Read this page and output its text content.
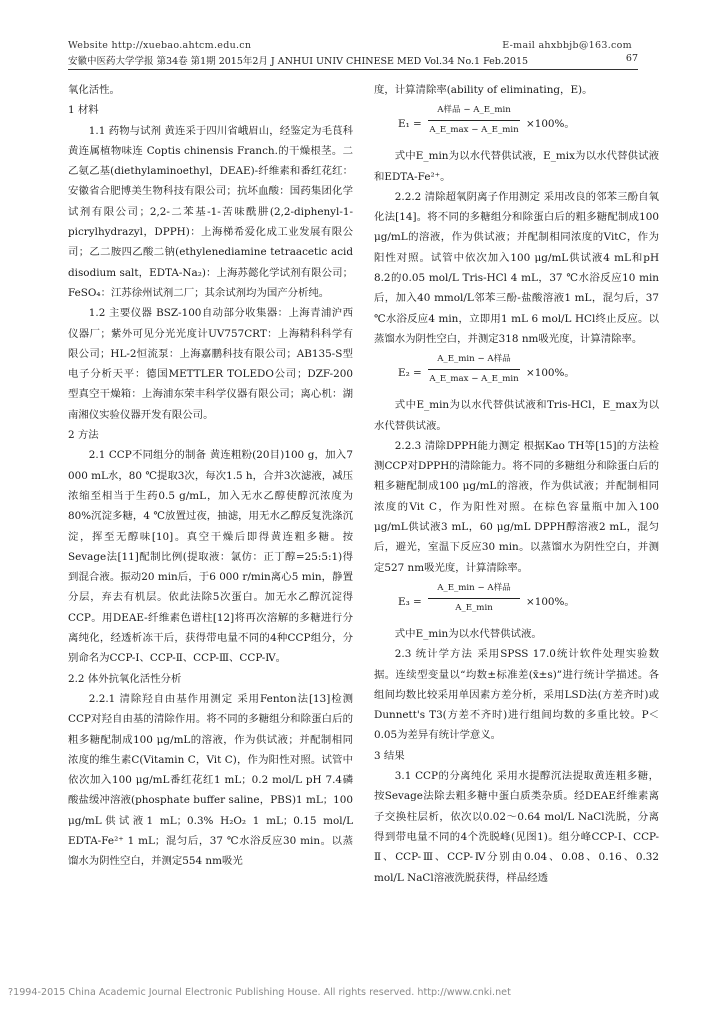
Website http://xuebao.ahtcm.edu.cn	E-mail ahxbbjb@163.com
安徽中医药大学学报 第34卷 第1期 2015年2月 J ANHUI UNIV CHINESE MED Vol.34 No.1 Feb.2015	67

氧化活性。

1 材料

1.1 药物与试剂 黄连采于四川省峨眉山，经鉴定为毛茛科黄连属植物味连 Coptis chinensis Franch.的干燥根茎。二乙氨乙基(diethylaminoethyl，DEAE)-纤维素和番红花红：安徽省合肥博美生物科技有限公司；抗坏血酸：国药集团化学试剂有限公司；2,2-二苯基-1-苦味酰肼(2,2-diphenyl-1-picrylhydrazyl，DPPH)：上海梯希爱化成工业发展有限公司；乙二胺四乙酸二钠(ethylenediamine tetraacetic acid disodium salt，EDTA-Na₂)：上海苏懿化学试剂有限公司；FeSO₄：江苏徐州试剂二厂；其余试剂均为国产分析纯。

1.2 主要仪器 BSZ-100自动部分收集器：上海青浦沪西仪器厂；紫外可见分光光度计UV757CRT：上海精科科学有限公司；HL-2恒流泵：上海嘉鹏科技有限公司；AB135-S型电子分析天平：德国METTLER TOLEDO公司；DZF-200型真空干燥箱：上海浦东荣丰科学仪器有限公司；离心机：湖南湘仪实验仪器开发有限公司。

2 方法

2.1 CCP不同组分的制备 黄连粗粉(20目)100 g，加入7 000 mL水，80 ℃提取3次，每次1.5 h，合并3次滤液，减压浓缩至相当于生药0.5 g/mL，加入无水乙醇使醇沉浓度为80%沉淀多糖，4 ℃放置过夜，抽滤，用无水乙醇反复洗涤沉淀，挥至无醇味[10]。真空干燥后即得黄连粗多糖。按Sevage法[11]配制比例(提取液：氯仿：正丁醇=25:5:1)得到混合液。振动20 min后，于6 000 r/min离心5 min，静置分层，弃去有机层。依此法除5次蛋白。加无水乙醇沉淀得CCP。用DEAE-纤维素色谱柱[12]将再次溶解的多糖进行分离纯化，经透析冻干后，获得带电量不同的4种CCP组分，分别命名为CCP-Ⅰ、CCP-Ⅱ、CCP-Ⅲ、CCP-Ⅳ。

2.2 体外抗氧化活性分析

2.2.1 清除羟自由基作用测定 采用Fenton法[13]检测CCP对羟自由基的清除作用。将不同的多糖组分和除蛋白后的粗多糖配制成100 μg/mL的溶液，作为供试液；并配制相同浓度的维生素C(Vitamin C，Vit C)，作为阳性对照。试管中依次加入100 μg/mL番红花红1 mL；0.2 mol/L pH 7.4磷酸盐缓冲溶液(phosphate buffer saline，PBS)1 mL；100 μg/mL供试液1 mL；0.3% H₂O₂ 1 mL；0.15 mol/L EDTA-Fe²⁺ 1 mL；混匀后，37 ℃水浴反应30 min。以蒸馏水为阴性空白，并测定554 nm吸光

度，计算清除率(ability of eliminating，E)。

E₁ =
A样品 − A_E_min
A_E_max − A_E_min ×100%。

式中E_min为以水代替供试液，E_mix为以水代替供试液和EDTA-Fe²⁺。

2.2.2 清除超氧阴离子作用测定 采用改良的邻苯三酚自氧化法[14]。将不同的多糖组分和除蛋白后的粗多糖配制成100 μg/mL的溶液，作为供试液；并配制相同浓度的VitC，作为阳性对照。试管中依次加入100 μg/mL供试液4 mL和pH 8.2的0.05 mol/L Tris-HCl 4 mL，37 ℃水浴反应10 min后，加入40 mmol/L邻苯三酚-盐酸溶液1 mL，混匀后，37 ℃水浴反应4 min，立即用1 mL 6 mol/L HCl终止反应。以蒸馏水为阴性空白，并测定318 nm吸光度，计算清除率。

E₂ =
A_E_min − A样品
A_E_max − A_E_min ×100%。

式中E_min为以水代替供试液和Tris-HCl，E_max为以水代替供试液。

2.2.3 清除DPPH能力测定 根据Kao TH等[15]的方法检测CCP对DPPH的清除能力。将不同的多糖组分和除蛋白后的粗多糖配制成100 μg/mL的溶液，作为供试液；并配制相同浓度的Vit C，作为阳性对照。在棕色容量瓶中加入100 μg/mL供试液3 mL，60 μg/mL DPPH醇溶液2 mL，混匀后，避光，室温下反应30 min。以蒸馏水为阴性空白，并测定527 nm吸光度，计算清除率。

E₃ =
A_E_min − A样品
A_E_min	×100%。

式中E_min为以水代替供试液。

2.3 统计学方法 采用SPSS 17.0统计软件处理实验数据。连续型变量以“均数±标准差(x̄±s)”进行统计学描述。各组间均数比较采用单因素方差分析，采用LSD法(方差齐时)或Dunnett's T3(方差不齐时)进行组间均数的多重比较。P＜0.05为差异有统计学意义。

3 结果

3.1 CCP的分离纯化 采用水提醇沉法提取黄连粗多糖，按Sevage法除去粗多糖中蛋白质类杂质。经DEAE纤维素离子交换柱层析，依次以0.02～0.64 mol/L NaCl洗脱，分离得到带电量不同的4个洗脱峰(见图1)。组分峰CCP-Ⅰ、CCP-Ⅱ、CCP-Ⅲ、CCP-Ⅳ分别由0.04、0.08、0.16、0.32 mol/L NaCl溶液洗脱获得，样品经透

?1994-2015 China Academic Journal Electronic Publishing House. All rights reserved. http://www.cnki.net
